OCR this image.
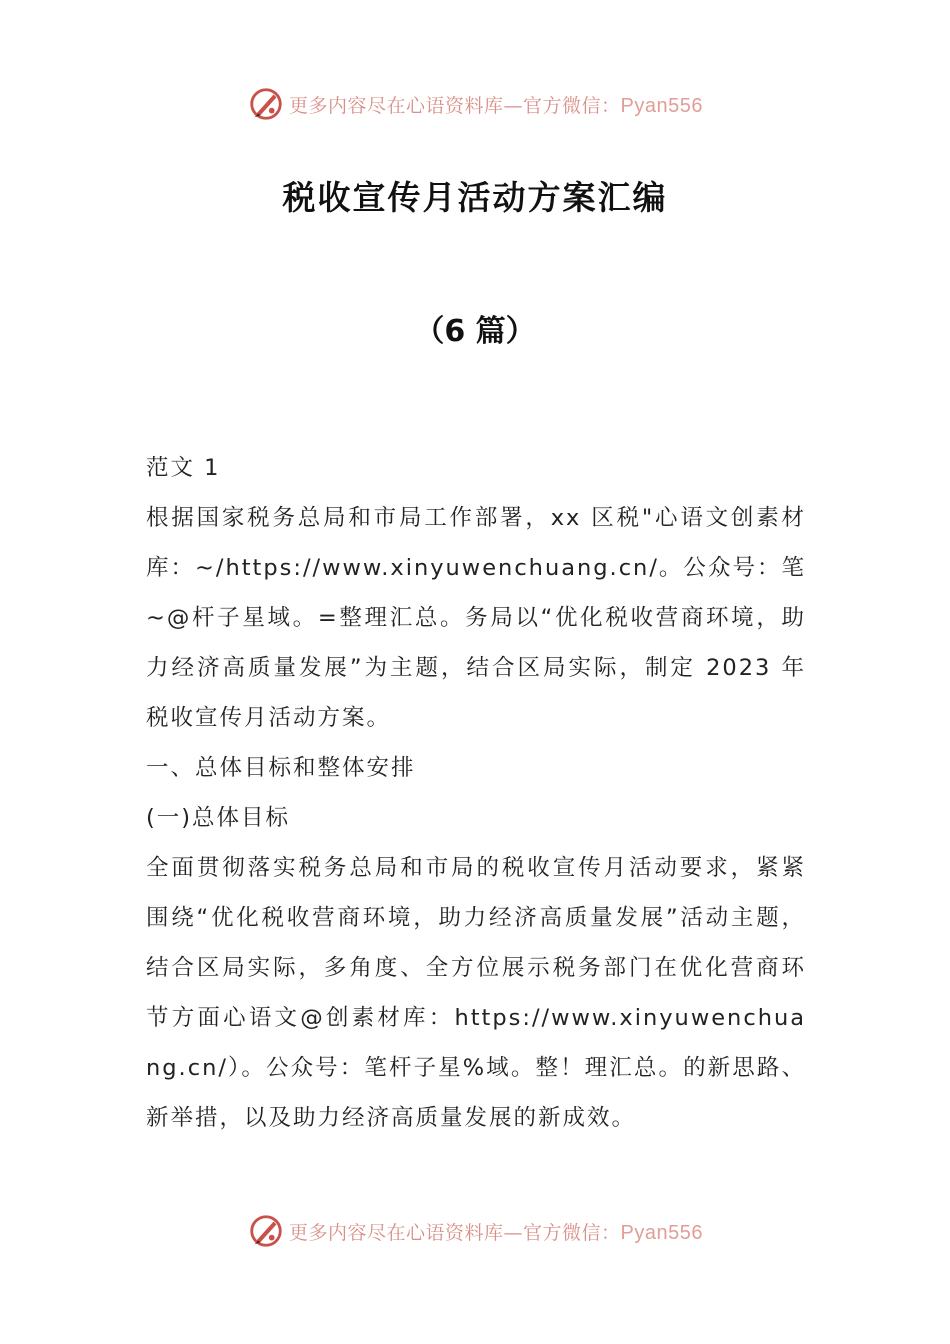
更多内容尽在心语资料库—官方微信：Pyan556
税收宣传月活动方案汇编
（6 篇）

范文 1

根据国家税务总局和市局工作部署，xx 区税"心语文创素材库：~/https://www.xinyuwenchuang.cn/。公众号：笔~@杆子星域。=整理汇总。务局以“优化税收营商环境，助力经济高质量发展”为主题，结合区局实际，制定 2023 年税收宣传月活动方案。

一、总体目标和整体安排

(一)总体目标

全面贯彻落实税务总局和市局的税收宣传月活动要求，紧紧围绕“优化税收营商环境，助力经济高质量发展”活动主题，结合区局实际，多角度、全方位展示税务部门在优化营商环节方面心语文@创素材库：https://www.xinyuwenchuang.cn/）。公众号：笔杆子星%域。整！理汇总。的新思路、新举措，以及助力经济高质量发展的新成效。

更多内容尽在心语资料库—官方微信：Pyan556
